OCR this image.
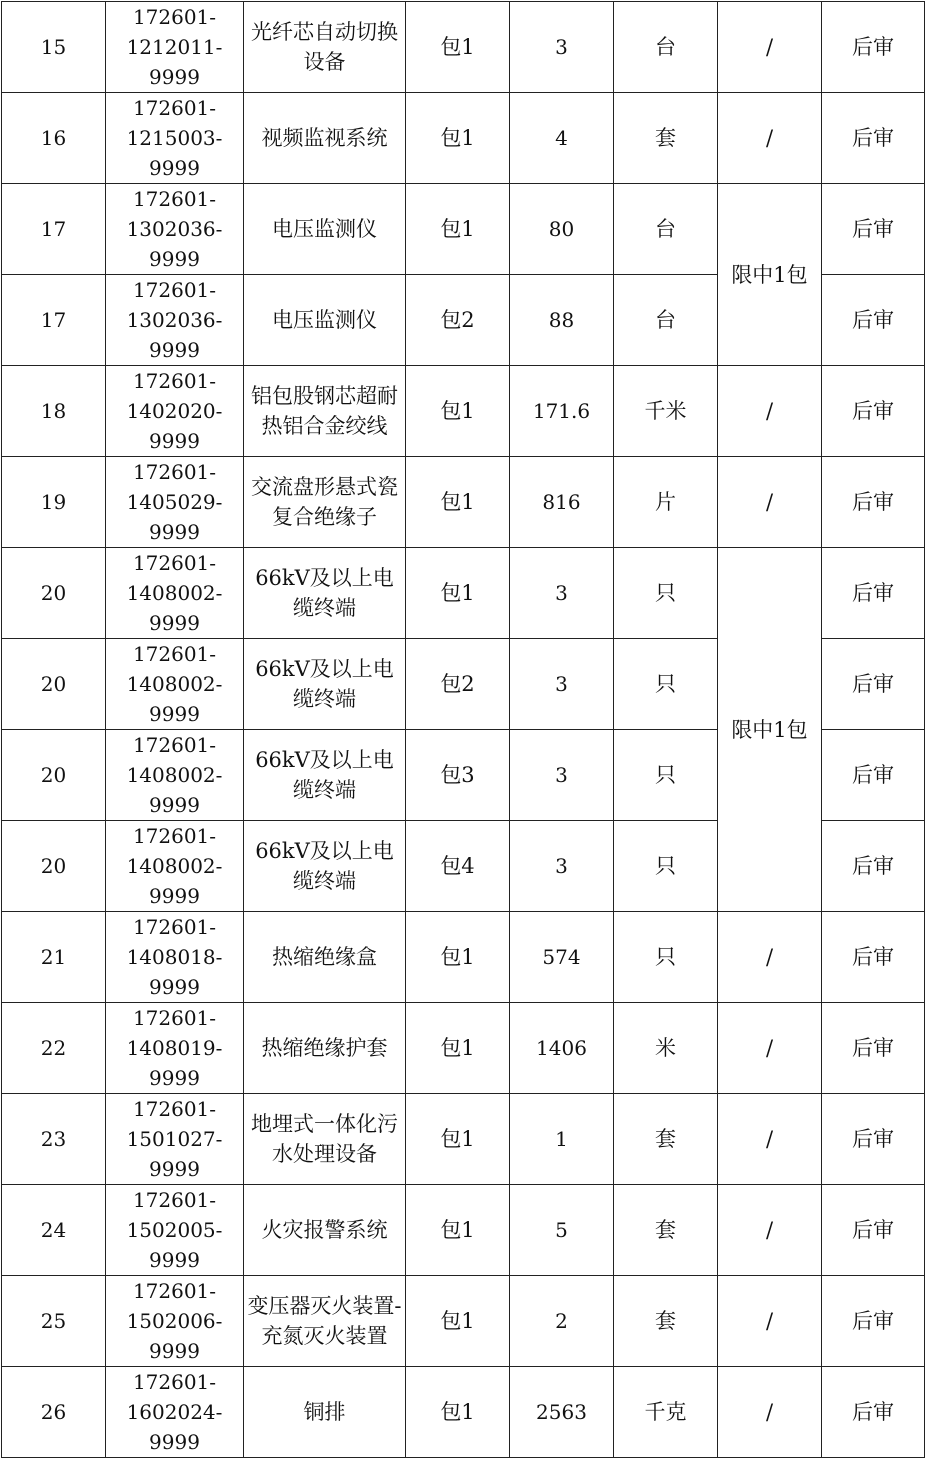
15	172601-
1212011-
9999	光纤芯自动切换设备	包1	3	台	/	后审
16	172601-
1215003-
9999	视频监视系统	包1	4	套	/	后审
17	172601-
1302036-
9999	电压监测仪	包1	80	台	限中1包	后审
17	172601-
1302036-
9999	电压监测仪	包2	88	台		后审
18	172601-
1402020-
9999	铝包股钢芯超耐热铝合金绞线	包1	171.6	千米	/	后审
19	172601-
1405029-
9999	交流盘形悬式瓷复合绝缘子	包1	816	片	/	后审
20	172601-
1408002-
9999	66kV及以上电缆终端	包1	3	只	限中1包	后审
20	172601-
1408002-
9999	66kV及以上电缆终端	包2	3	只		后审
20	172601-
1408002-
9999	66kV及以上电缆终端	包3	3	只		后审
20	172601-
1408002-
9999	66kV及以上电缆终端	包4	3	只		后审
21	172601-
1408018-
9999	热缩绝缘盒	包1	574	只	/	后审
22	172601-
1408019-
9999	热缩绝缘护套	包1	1406	米	/	后审
23	172601-
1501027-
9999	地埋式一体化污水处理设备	包1	1	套	/	后审
24	172601-
1502005-
9999	火灾报警系统	包1	5	套	/	后审
25	172601-
1502006-
9999	变压器灭火装置-充氮灭火装置	包1	2	套	/	后审
26	172601-
1602024-
9999	铜排	包1	2563	千克	/	后审
